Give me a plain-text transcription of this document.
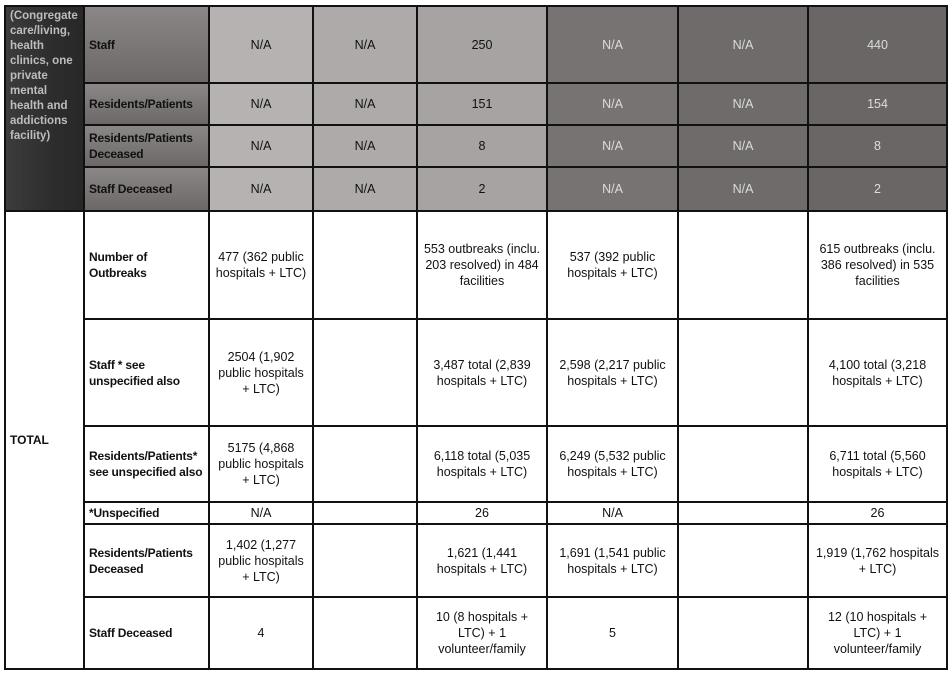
(Congregate care/living, health clinics, one private mental health and addictions facility)	Staff	N/A	N/A	250	N/A	N/A	440
	Residents/Patients	N/A	N/A	151	N/A	N/A	154
	Residents/Patients Deceased	N/A	N/A	8	N/A	N/A	8
	Staff Deceased	N/A	N/A	2	N/A	N/A	2
TOTAL	Number of Outbreaks	477 (362 public hospitals + LTC)		553 outbreaks (inclu. 203 resolved) in 484 facilities	537 (392 public hospitals + LTC)		615 outbreaks (inclu. 386 resolved) in 535 facilities
	Staff * see unspecified also	2504 (1,902 public hospitals + LTC)		3,487 total (2,839 hospitals + LTC)	2,598 (2,217 public hospitals + LTC)		4,100 total (3,218 hospitals + LTC)
	Residents/Patients* see unspecified also	5175 (4,868 public hospitals + LTC)		6,118 total (5,035 hospitals + LTC)	6,249 (5,532 public hospitals + LTC)		6,711 total (5,560 hospitals + LTC)
	*Unspecified	N/A		26	N/A		26
	Residents/Patients Deceased	1,402 (1,277 public hospitals + LTC)		1,621 (1,441 hospitals + LTC)	1,691 (1,541 public hospitals + LTC)		1,919 (1,762 hospitals + LTC)
	Staff Deceased	4		10 (8 hospitals + LTC) + 1 volunteer/family	5		12 (10 hospitals + LTC) + 1 volunteer/family
